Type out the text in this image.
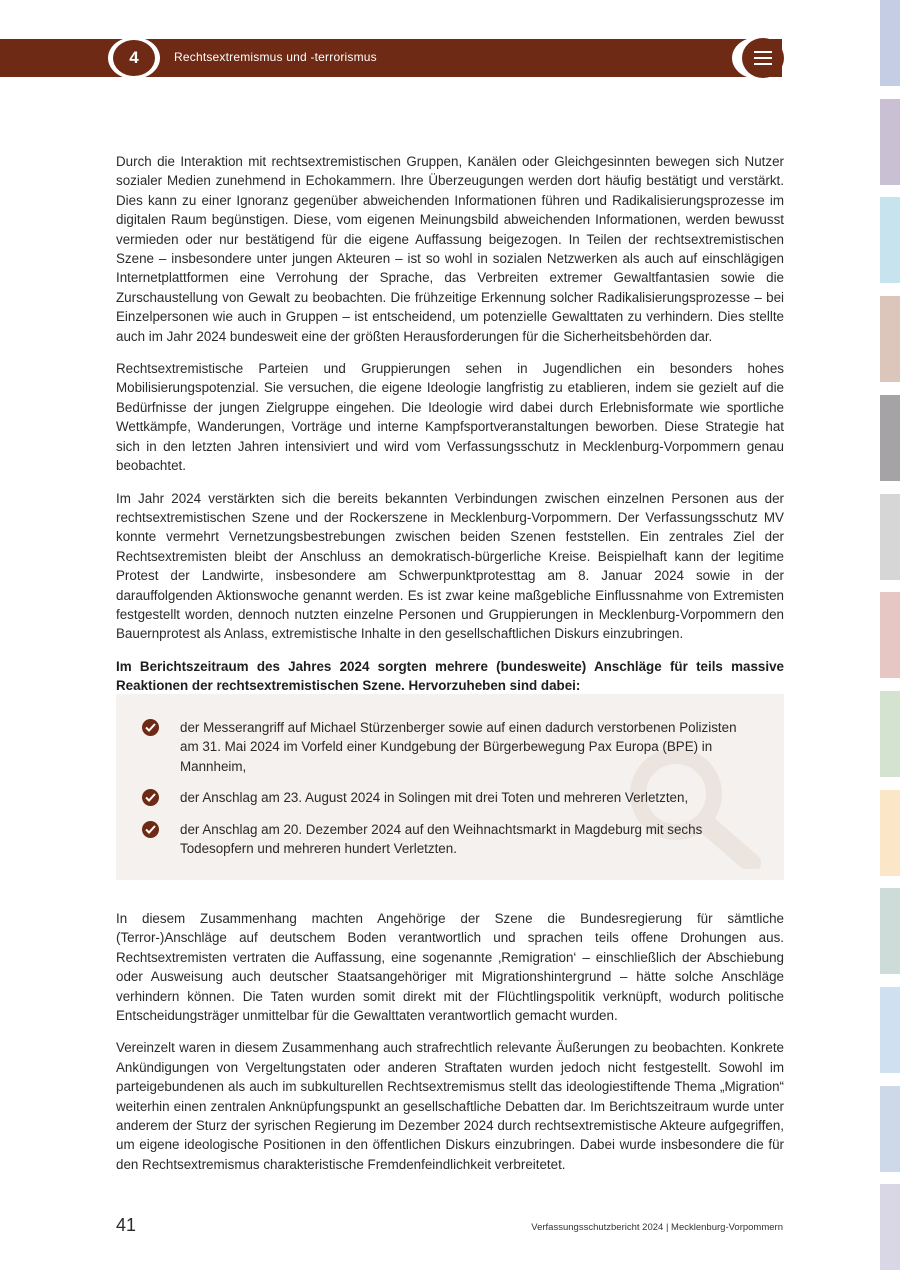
4	Rechtsextremismus und -terrorismus

Durch die Interaktion mit rechtsextremistischen Gruppen, Kanälen oder Gleichgesinnten bewegen sich Nutzer sozialer Medien zunehmend in Echokammern. Ihre Überzeugungen werden dort häufig bestätigt und verstärkt. Dies kann zu einer Ignoranz gegenüber abweichenden Informationen führen und Radikalisierungsprozesse im digitalen Raum begünstigen. Diese, vom eigenen Meinungsbild abweichenden Informationen, werden bewusst vermieden oder nur bestätigend für die eigene Auffassung beigezogen. In Teilen der rechtsextremistischen Szene – insbesondere unter jungen Akteuren – ist so wohl in sozialen Netzwerken als auch auf einschlägigen Internetplattformen eine Verrohung der Sprache, das Verbreiten extremer Gewaltfantasien sowie die Zurschaustellung von Gewalt zu beobachten. Die frühzeitige Erkennung solcher Radikalisierungsprozesse – bei Einzelpersonen wie auch in Gruppen – ist entscheidend, um potenzielle Gewalttaten zu verhindern. Dies stellte auch im Jahr 2024 bundesweit eine der größten Herausforderungen für die Sicherheitsbehörden dar.

Rechtsextremistische Parteien und Gruppierungen sehen in Jugendlichen ein besonders hohes Mobilisierungspotenzial. Sie versuchen, die eigene Ideologie langfristig zu etablieren, indem sie gezielt auf die Bedürfnisse der jungen Zielgruppe eingehen. Die Ideologie wird dabei durch Erlebnisformate wie sportliche Wettkämpfe, Wanderungen, Vorträge und interne Kampfsportveranstaltungen beworben. Diese Strategie hat sich in den letzten Jahren intensiviert und wird vom Verfassungsschutz in Mecklenburg-Vorpommern genau beobachtet.

Im Jahr 2024 verstärkten sich die bereits bekannten Verbindungen zwischen einzelnen Personen aus der rechtsextremistischen Szene und der Rockerszene in Mecklenburg-Vorpommern. Der Verfassungsschutz MV konnte vermehrt Vernetzungsbestrebungen zwischen beiden Szenen feststellen. Ein zentrales Ziel der Rechtsextremisten bleibt der Anschluss an demokratisch-bürgerliche Kreise. Beispielhaft kann der legitime Protest der Landwirte, insbesondere am Schwerpunktprotesttag am 8. Januar 2024 sowie in der darauffolgenden Aktionswoche genannt werden. Es ist zwar keine maßgebliche Einflussnahme von Extremisten festgestellt worden, dennoch nutzten einzelne Personen und Gruppierungen in Mecklenburg-Vorpommern den Bauernprotest als Anlass, extremistische Inhalte in den gesellschaftlichen Diskurs einzubringen.

Im Berichtszeitraum des Jahres 2024 sorgten mehrere (bundesweite) Anschläge für teils massive Reaktionen der rechtsextremistischen Szene. Hervorzuheben sind dabei:

der Messerangriff auf Michael Stürzenberger sowie auf einen dadurch verstorbenen Polizisten am 31. Mai 2024 im Vorfeld einer Kundgebung der Bürgerbewegung Pax Europa (BPE) in Mannheim,
der Anschlag am 23. August 2024 in Solingen mit drei Toten und mehreren Verletzten,
der Anschlag am 20. Dezember 2024 auf den Weihnachtsmarkt in Magdeburg mit sechs Todesopfern und mehreren hundert Verletzten.

In diesem Zusammenhang machten Angehörige der Szene die Bundesregierung für sämtliche (Terror-)Anschläge auf deutschem Boden verantwortlich und sprachen teils offene Drohungen aus. Rechtsextremisten vertraten die Auffassung, eine sogenannte ‚Remigration‘ – einschließlich der Abschiebung oder Ausweisung auch deutscher Staatsangehöriger mit Migrationshintergrund – hätte solche Anschläge verhindern können. Die Taten wurden somit direkt mit der Flüchtlingspolitik verknüpft, wodurch politische Entscheidungsträger unmittelbar für die Gewalttaten verantwortlich gemacht wurden.

Vereinzelt waren in diesem Zusammenhang auch strafrechtlich relevante Äußerungen zu beobachten. Konkrete Ankündigungen von Vergeltungstaten oder anderen Straftaten wurden jedoch nicht festgestellt. Sowohl im parteigebundenen als auch im subkulturellen Rechtsextremismus stellt das ideologiestiftende Thema „Migration“ weiterhin einen zentralen Anknüpfungspunkt an gesellschaftliche Debatten dar. Im Berichtszeitraum wurde unter anderem der Sturz der syrischen Regierung im Dezember 2024 durch rechtsextremistische Akteure aufgegriffen, um eigene ideologische Positionen in den öffentlichen Diskurs einzubringen. Dabei wurde insbesondere die für den Rechtsextremismus charakteristische Fremdenfeindlichkeit verbreitetet.

41	Verfassungsschutzbericht 2024 | Mecklenburg-Vorpommern
